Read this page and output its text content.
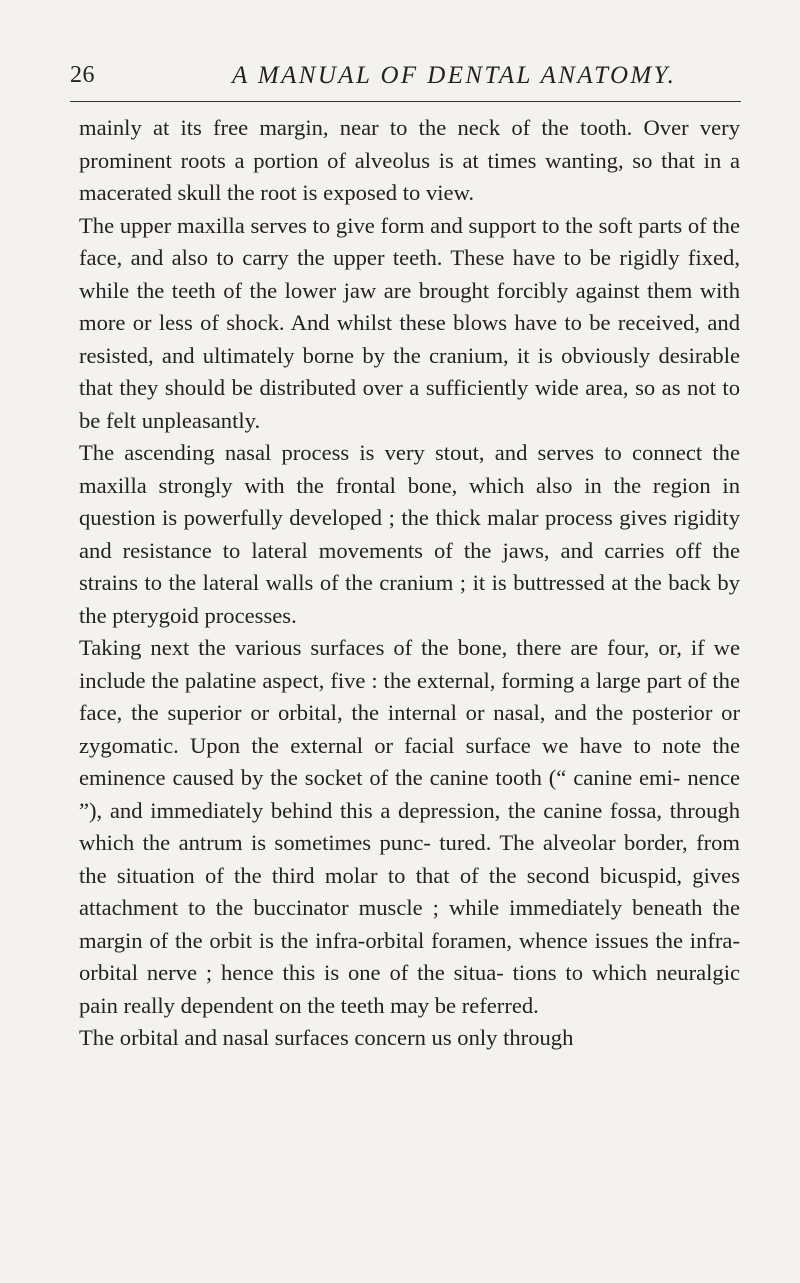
26	A MANUAL OF DENTAL ANATOMY.

mainly at its free margin, near to the neck of the tooth. Over very prominent roots a portion of alveolus is at times wanting, so that in a macerated skull the root is exposed to view.

The upper maxilla serves to give form and support to the soft parts of the face, and also to carry the upper teeth. These have to be rigidly fixed, while the teeth of the lower jaw are brought forcibly against them with more or less of shock. And whilst these blows have to be received, and resisted, and ultimately borne by the cranium, it is obviously desirable that they should be distributed over a sufficiently wide area, so as not to be felt unpleasantly.

The ascending nasal process is very stout, and serves to connect the maxilla strongly with the frontal bone, which also in the region in question is powerfully developed ; the thick malar process gives rigidity and resistance to lateral movements of the jaws, and carries off the strains to the lateral walls of the cranium ; it is buttressed at the back by the pterygoid processes.

Taking next the various surfaces of the bone, there are four, or, if we include the palatine aspect, five : the external, forming a large part of the face, the superior or orbital, the internal or nasal, and the posterior or zygomatic. Upon the external or facial surface we have to note the eminence caused by the socket of the canine tooth (“ canine emi- nence ”), and immediately behind this a depression, the canine fossa, through which the antrum is sometimes punc- tured. The alveolar border, from the situation of the third molar to that of the second bicuspid, gives attachment to the buccinator muscle ; while immediately beneath the margin of the orbit is the infra-orbital foramen, whence issues the infra-orbital nerve ; hence this is one of the situa- tions to which neuralgic pain really dependent on the teeth may be referred.

The orbital and nasal surfaces concern us only through
